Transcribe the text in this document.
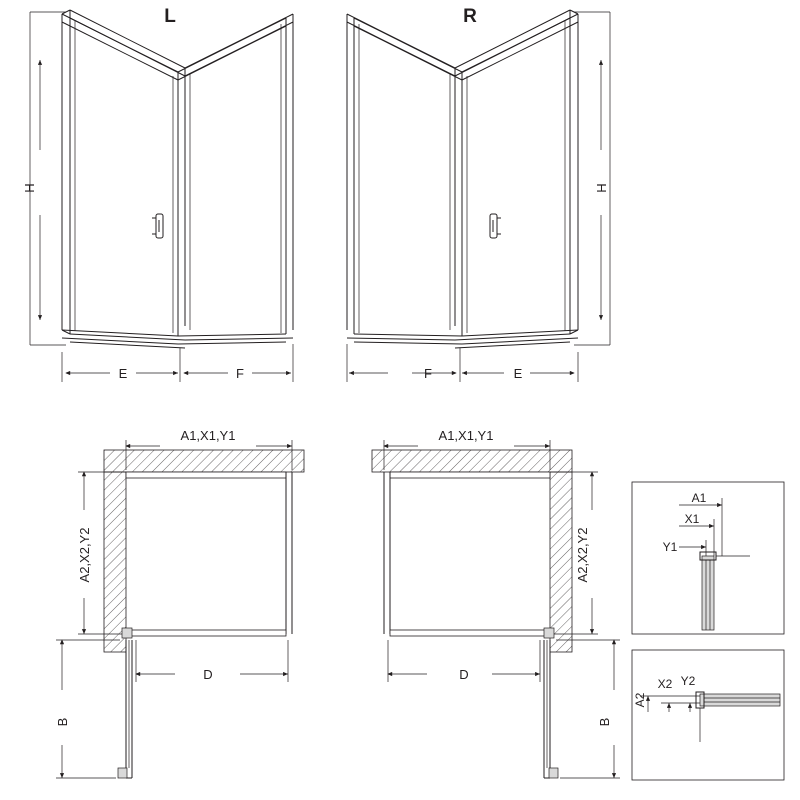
L
H
E	F
R
H
F	E
A1,X1,Y1
A2,X2,Y2
D
B
A1,X1,Y1
A2,X2,Y2
D
B
A1
X1
Y1
A2
X2 Y2
